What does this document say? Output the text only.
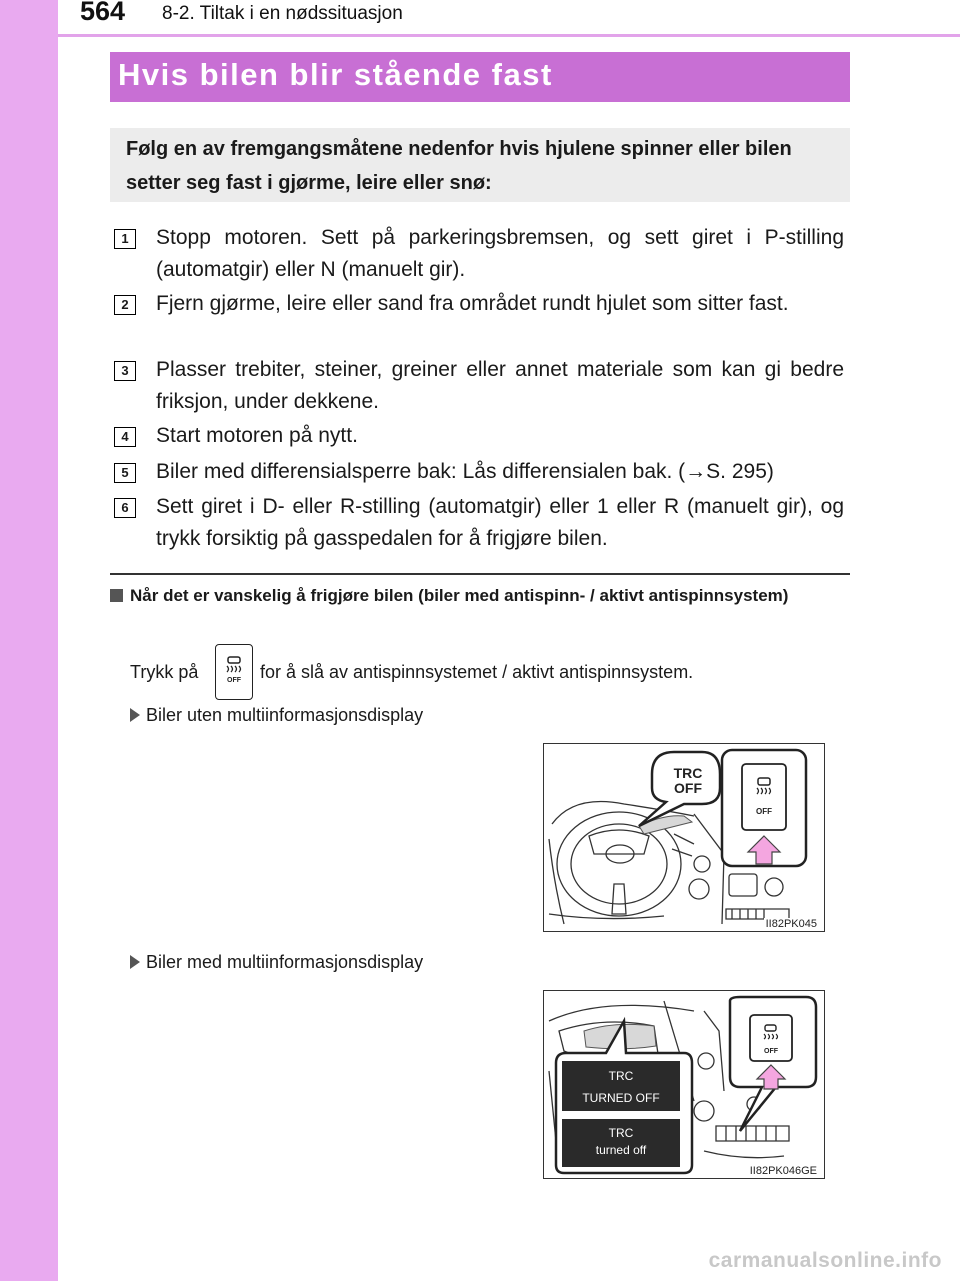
564 8-2. Tiltak i en nødssituasjon
Hvis bilen blir stående fast
Følg en av fremgangsmåtene nedenfor hvis hjulene spinner eller bilen setter seg fast i gjørme, leire eller snø:
1	Stopp motoren. Sett på parkeringsbremsen, og sett giret i P-stilling (automatgir) eller N (manuelt gir).
2	Fjern gjørme, leire eller sand fra området rundt hjulet som sitter fast.
3	Plasser trebiter, steiner, greiner eller annet materiale som kan gi bedre friksjon, under dekkene.
4	Start motoren på nytt.
5	Biler med differensialsperre bak: Lås differensialen bak. (→S. 295)
6	Sett giret i D- eller R-stilling (automatgir) eller 1 eller R (manuelt gir), og trykk forsiktig på gasspedalen for å frigjøre bilen.
Når det er vanskelig å frigjøre bilen (biler med antispinn- / aktivt antispinnsystem)
Trykk på	OFF for å slå av antispinnsystemet / aktivt antispinnsystem.
Biler uten multiinformasjonsdisplay
OFF
TRC
OFF
II82PK045
Biler med multiinformasjonsdisplay
OFF
TRC
TURNED OFF
TRC
turned off
II82PK046GE
carmanualsonline.info
